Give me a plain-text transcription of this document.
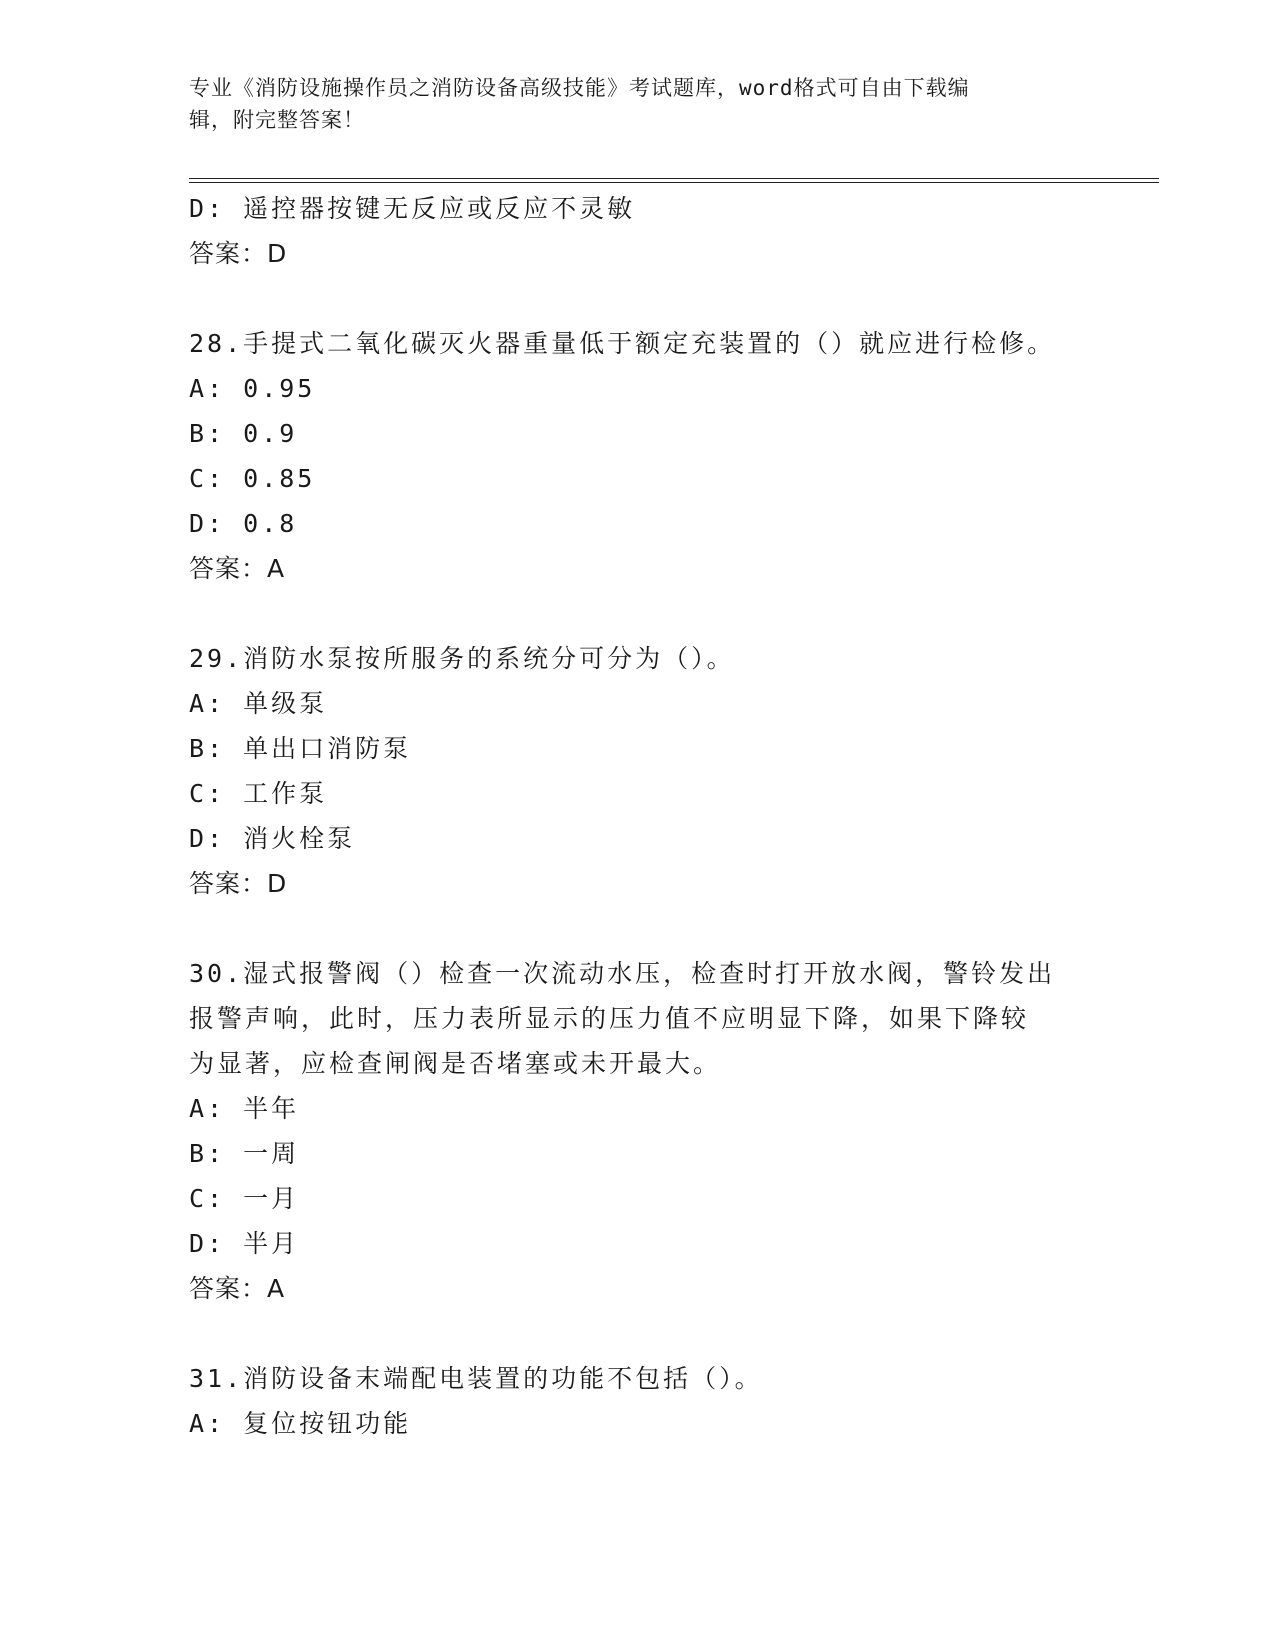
专业《消防设施操作员之消防设备高级技能》考试题库，word格式可自由下载编
辑，附完整答案！
D: 遥控器按键无反应或反应不灵敏
答案：D
28.手提式二氧化碳灭火器重量低于额定充装置的（）就应进行检修。
A: 0.95
B: 0.9
C: 0.85
D: 0.8
答案：A
29.消防水泵按所服务的系统分可分为（）。
A: 单级泵
B: 单出口消防泵
C: 工作泵
D: 消火栓泵
答案：D
30.湿式报警阀（）检查一次流动水压，检查时打开放水阀，警铃发出
报警声响，此时，压力表所显示的压力值不应明显下降，如果下降较
为显著，应检查闸阀是否堵塞或未开最大。
A: 半年
B: 一周
C: 一月
D: 半月
答案：A
31.消防设备末端配电装置的功能不包括（）。
A: 复位按钮功能
